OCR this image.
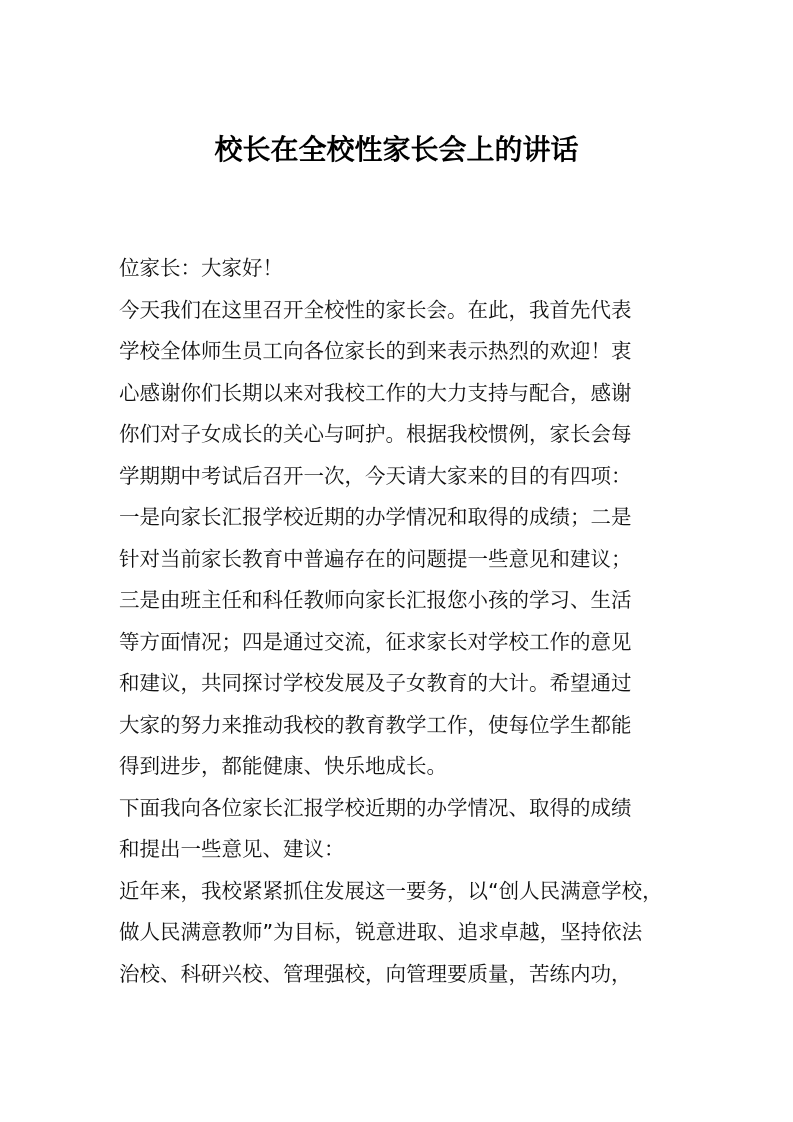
校长在全校性家长会上的讲话
位家长：大家好！
今天我们在这里召开全校性的家长会。在此，我首先代表
学校全体师生员工向各位家长的到来表示热烈的欢迎！衷
心感谢你们长期以来对我校工作的大力支持与配合，感谢
你们对子女成长的关心与呵护。根据我校惯例，家长会每
学期期中考试后召开一次，今天请大家来的目的有四项：
一是向家长汇报学校近期的办学情况和取得的成绩；二是
针对当前家长教育中普遍存在的问题提一些意见和建议；
三是由班主任和科任教师向家长汇报您小孩的学习、生活
等方面情况；四是通过交流，征求家长对学校工作的意见
和建议，共同探讨学校发展及子女教育的大计。希望通过
大家的努力来推动我校的教育教学工作，使每位学生都能
得到进步，都能健康、快乐地成长。
下面我向各位家长汇报学校近期的办学情况、取得的成绩
和提出一些意见、建议：
近年来，我校紧紧抓住发展这一要务，以“创人民满意学校，
做人民满意教师”为目标，锐意进取、追求卓越，坚持依法
治校、科研兴校、管理强校，向管理要质量，苦练内功，
